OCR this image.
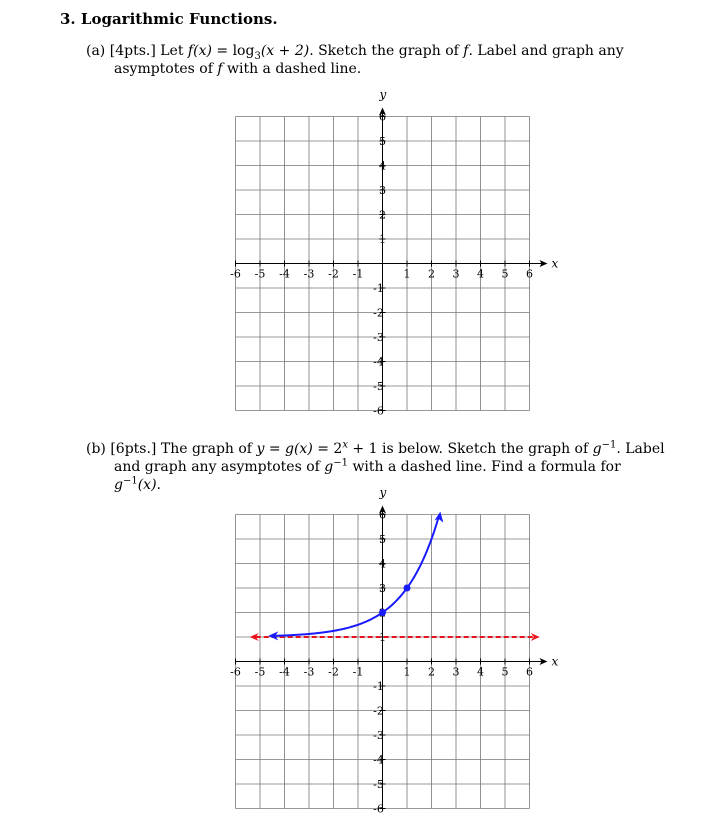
3. Logarithmic Functions.
(a) [4pts.] Let $f(x) = \log_3(x + 2)$. Sketch the graph of f. Label and graph any asymptotes of f with a dashed line.
x
y
-6 -5 -4 -3 -2 -1	1 2 3 4 5 6
6
5
4
3
2
1
-1
-2
-3
-4
-5
-6
(b) [6pts.] The graph of $y = g(x) = 2^x + 1$ is below. Sketch the graph of $g^{-1}$. Label and graph any asymptotes of $g^{-1}$ with a dashed line. Find a formula for $g^{-1}(x)$.
x
y
-6 -5 -4 -3 -2 -1	1 2 3 4 5 6
6
5
4
3
1
-1
-2
-3
-4
-5
-6
